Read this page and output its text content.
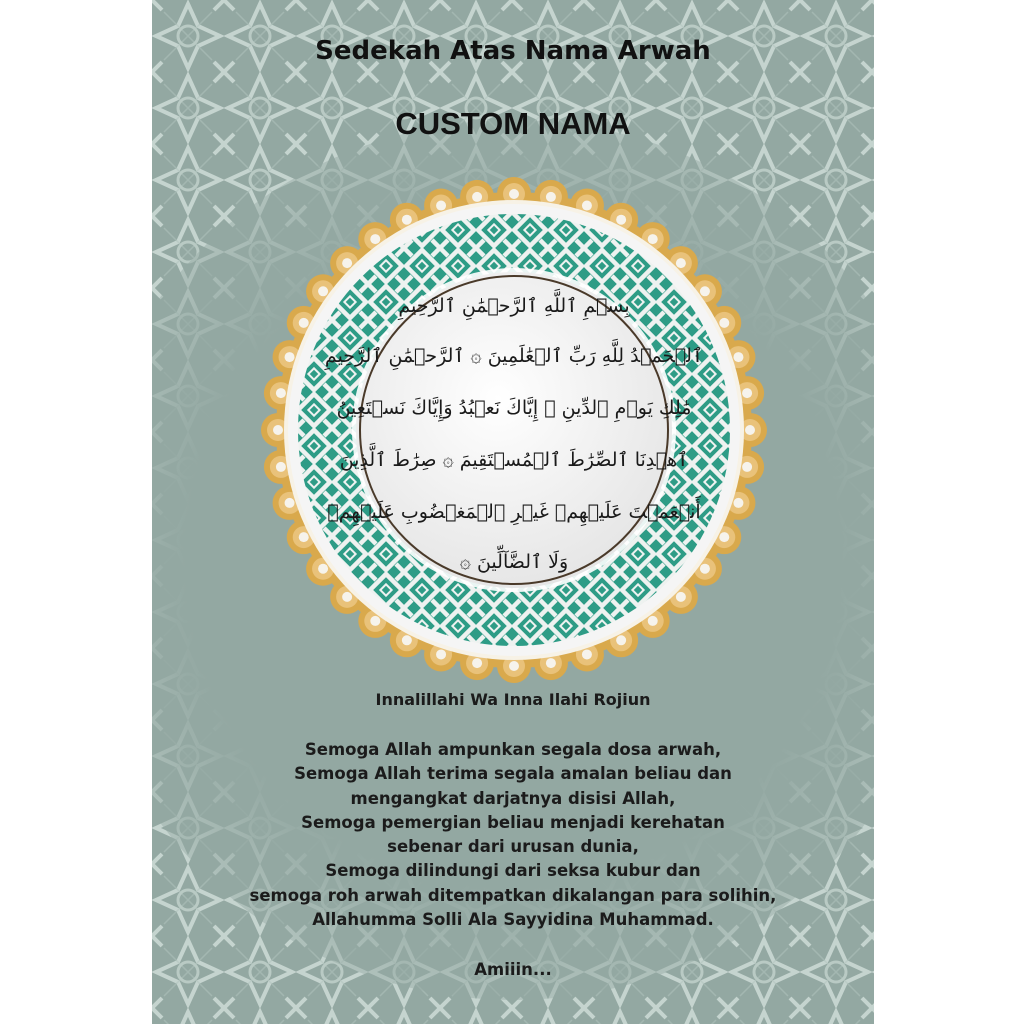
Sedekah Atas Nama Arwah
CUSTOM NAMA
بِسۡمِ ٱللَّهِ ٱلرَّحۡمَٰنِ ٱلرَّحِيمِ
ٱلۡحَمۡدُ لِلَّهِ رَبِّ ٱلۡعَٰلَمِينَ ۞ ٱلرَّحۡمَٰنِ ٱلرَّحِيمِ
مَٰلِكِ يَوۡمِ ٱلدِّينِ ۞ إِيَّاكَ نَعۡبُدُ وَإِيَّاكَ نَسۡتَعِينُ
ٱهۡدِنَا ٱلصِّرَٰطَ ٱلۡمُسۡتَقِيمَ ۞ صِرَٰطَ ٱلَّذِينَ
أَنۡعَمۡتَ عَلَيۡهِمۡ غَيۡرِ ٱلۡمَغۡضُوبِ عَلَيۡهِمۡ
وَلَا ٱلضَّآلِّينَ ۞
Innalillahi Wa Inna Ilahi Rojiun
Semoga Allah ampunkan segala dosa arwah,
Semoga Allah terima segala amalan beliau dan
mengangkat darjatnya disisi Allah,
Semoga pemergian beliau menjadi kerehatan
sebenar dari urusan dunia,
Semoga dilindungi dari seksa kubur dan
semoga roh arwah ditempatkan dikalangan para solihin,
Allahumma Solli Ala Sayyidina Muhammad.
Amiiin...
